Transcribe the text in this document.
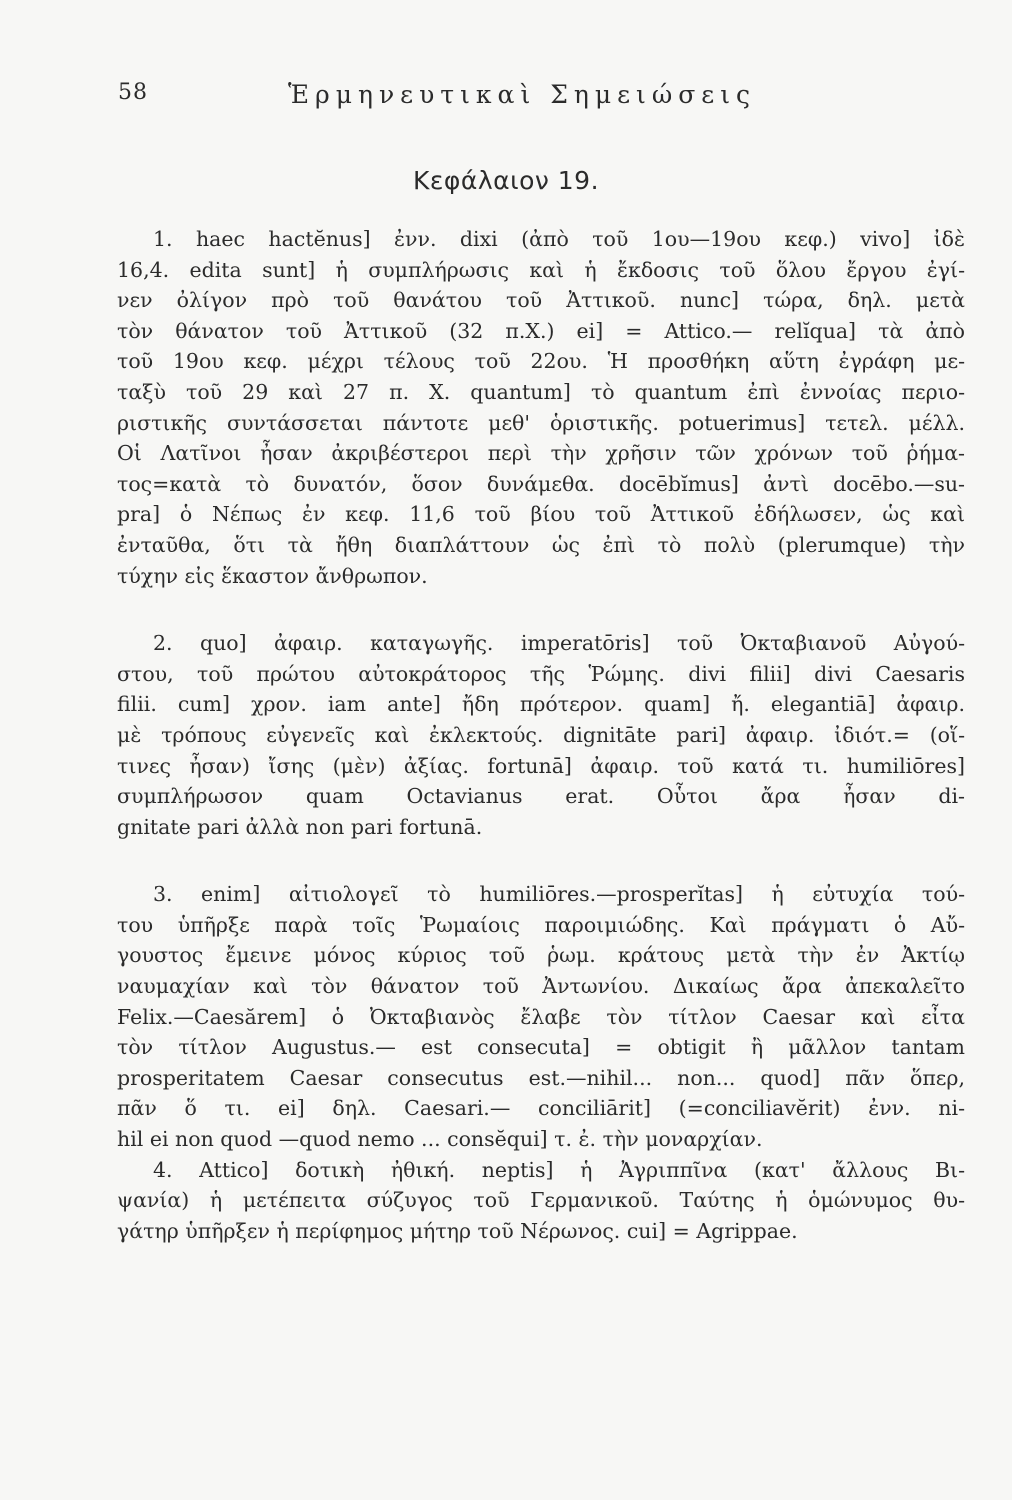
58	Ἑρμηνευτικαὶ Σημειώσεις
Κεφάλαιον 19.
1. haec hactĕnus] ἐνν. dixi (ἀπὸ τοῦ 1ου—19ου κεφ.) vivo] ἰδὲ
16,4. edita sunt] ἡ συμπλήρωσις καὶ ἡ ἔκδοσις τοῦ ὅλου ἔργου ἐγί-
νεν ὀλίγον πρὸ τοῦ θανάτου τοῦ Ἀττικοῦ. nunc] τώρα, δηλ. μετὰ
τὸν θάνατον τοῦ Ἀττικοῦ (32 π.Χ.) ei] = Attico.— relĭqua] τὰ ἀπὸ
τοῦ 19ου κεφ. μέχρι τέλους τοῦ 22ου. Ἡ προσθήκη αὕτη ἐγράφη με-
ταξὺ τοῦ 29 καὶ 27 π. Χ. quantum] τὸ quantum ἐπὶ ἐννοίας περιο-
ριστικῆς συντάσσεται πάντοτε μεθ' ὁριστικῆς. potuerimus] τετελ. μέλλ.
Οἱ Λατῖνοι ἦσαν ἀκριβέστεροι περὶ τὴν χρῆσιν τῶν χρόνων τοῦ ῥήμα-
τος=κατὰ τὸ δυνατόν, ὅσον δυνάμεθα. docēbĭmus] ἀντὶ docēbo.—su-
pra] ὁ Νέπως ἐν κεφ. 11,6 τοῦ βίου τοῦ Ἀττικοῦ ἐδήλωσεν, ὡς καὶ
ἐνταῦθα, ὅτι τὰ ἤθη διαπλάττουν ὡς ἐπὶ τὸ πολὺ (plerumque) τὴν
τύχην εἰς ἕκαστον ἄνθρωπον.
2. quo] ἀφαιρ. καταγωγῆς. imperatōris] τοῦ Ὀκταβιανοῦ Αὐγού-
στου, τοῦ πρώτου αὐτοκράτορος τῆς Ῥώμης. divi filii] divi Caesaris
filii. cum] χρον. iam ante] ἤδη πρότερον. quam] ἤ. elegantiā] ἀφαιρ.
μὲ τρόπους εὐγενεῖς καὶ ἐκλεκτούς. dignitāte pari] ἀφαιρ. ἰδιότ.= (οἵ-
τινες ἦσαν) ἴσης (μὲν) ἀξίας. fortunā] ἀφαιρ. τοῦ κατά τι. humiliōres]
συμπλήρωσον quam Octavianus erat. Οὗτοι ἄρα ἦσαν di-
gnitate pari ἀλλὰ non pari fortunā.
3. enim] αἰτιολογεῖ τὸ humiliōres.—prosperĭtas] ἡ εὐτυχία τού-
του ὑπῆρξε παρὰ τοῖς Ῥωμαίοις παροιμιώδης. Καὶ πράγματι ὁ Αὔ-
γουστος ἔμεινε μόνος κύριος τοῦ ῥωμ. κράτους μετὰ τὴν ἐν Ἀκτίῳ
ναυμαχίαν καὶ τὸν θάνατον τοῦ Ἀντωνίου. Δικαίως ἄρα ἀπεκαλεῖτο
Felix.—Caesărem] ὁ Ὀκταβιανὸς ἔλαβε τὸν τίτλον Caesar καὶ εἶτα
τὸν τίτλον Augustus.— est consecuta] = obtigit ἢ μᾶλλον tantam
prosperitatem Caesar consecutus est.—nihil... non... quod] πᾶν ὅπερ,
πᾶν ὅ τι. ei] δηλ. Caesari.— conciliārit] (=conciliavĕrit) ἐνν. ni-
hil ei non quod —quod nemo ... consĕqui] τ. ἐ. τὴν μοναρχίαν.
4. Attico] δοτικὴ ἠθική. neptis] ἡ Ἀγριππῖνα (κατ' ἄλλους Βι-
ψανία) ἡ μετέπειτα σύζυγος τοῦ Γερμανικοῦ. Ταύτης ἡ ὁμώνυμος θυ-
γάτηρ ὑπῆρξεν ἡ περίφημος μήτηρ τοῦ Νέρωνος. cui] = Agrippae.
